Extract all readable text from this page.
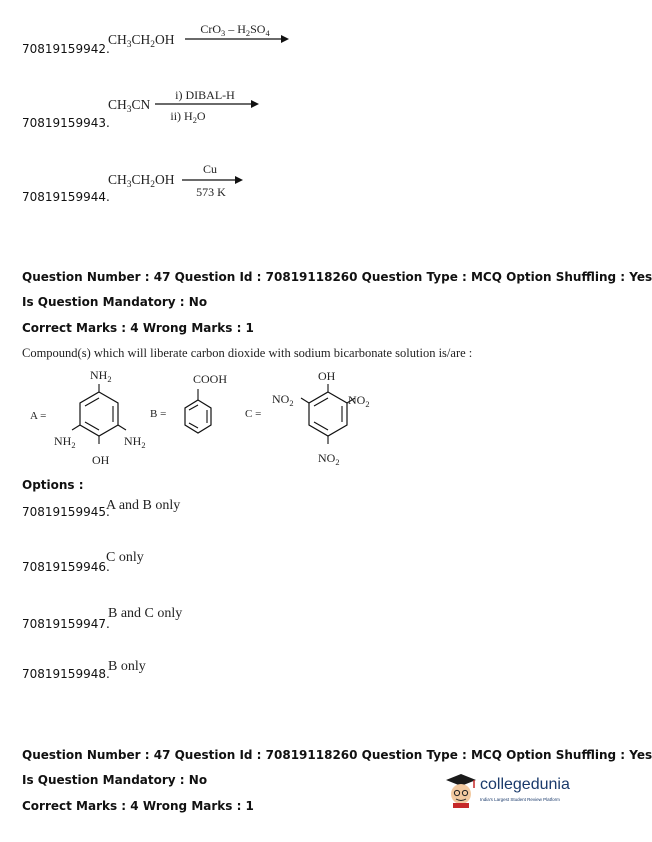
70819159942.
$CH_3CH_2OH$
$CrO_3 - H_2SO_4$
70819159943.
$CH_3CN$
i) DIBAL-H
ii) $H_2O$
70819159944.
$CH_3CH_2OH$
Cu
573 K
Question Number : 47 Question Id : 70819118260 Question Type : MCQ Option Shuffling : Yes
Is Question Mandatory : No
Correct Marks : 4 Wrong Marks : 1
Compound(s) which will liberate carbon dioxide with sodium bicarbonate solution is/are :
A =
$NH_2$
$NH_2$	$NH_2$
OH
B =
COOH
C =
OH
$NO_2$	$NO_2$
$NO_2$
Options :
70819159945.
A and B only
70819159946.
C only
70819159947.
B and C only
70819159948.
B only
Question Number : 47 Question Id : 70819118260 Question Type : MCQ Option Shuffling : Yes
Is Question Mandatory : No
Correct Marks : 4 Wrong Marks : 1
collegedunia
India's Largest Student Review Platform
